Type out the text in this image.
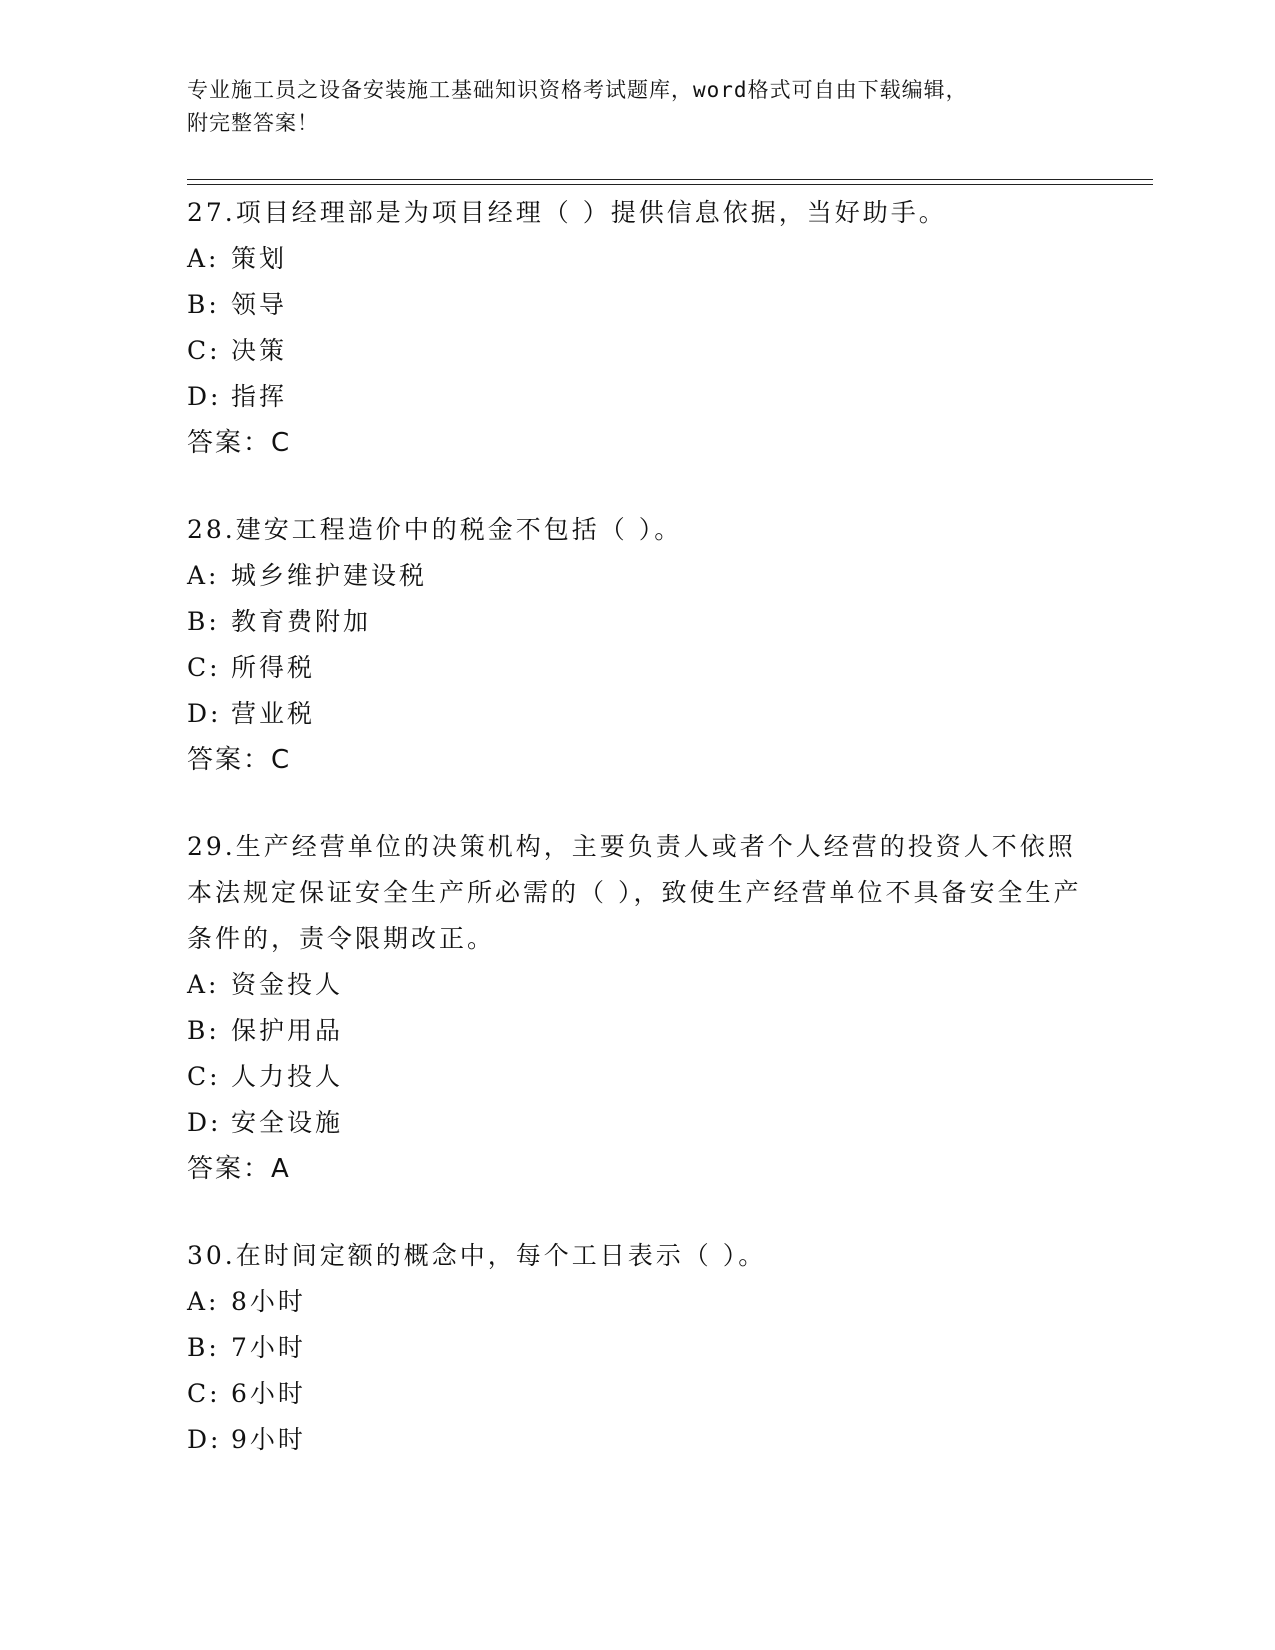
专业施工员之设备安装施工基础知识资格考试题库，word格式可自由下载编辑，
附完整答案！

27.项目经理部是为项目经理（ ）提供信息依据，当好助手。

A: 策划
B: 领导
C: 决策
D: 指挥
答案：C

28.建安工程造价中的税金不包括（ ）。

A: 城乡维护建设税
B: 教育费附加
C: 所得税
D: 营业税
答案：C

29.生产经营单位的决策机构，主要负责人或者个人经营的投资人不依照本法规定保证安全生产所必需的（ ），致使生产经营单位不具备安全生产条件的，责令限期改正。

A: 资金投人
B: 保护用品
C: 人力投人
D: 安全设施
答案：A

30.在时间定额的概念中，每个工日表示（ ）。

A: 8小时
B: 7小时
C: 6小时
D: 9小时
